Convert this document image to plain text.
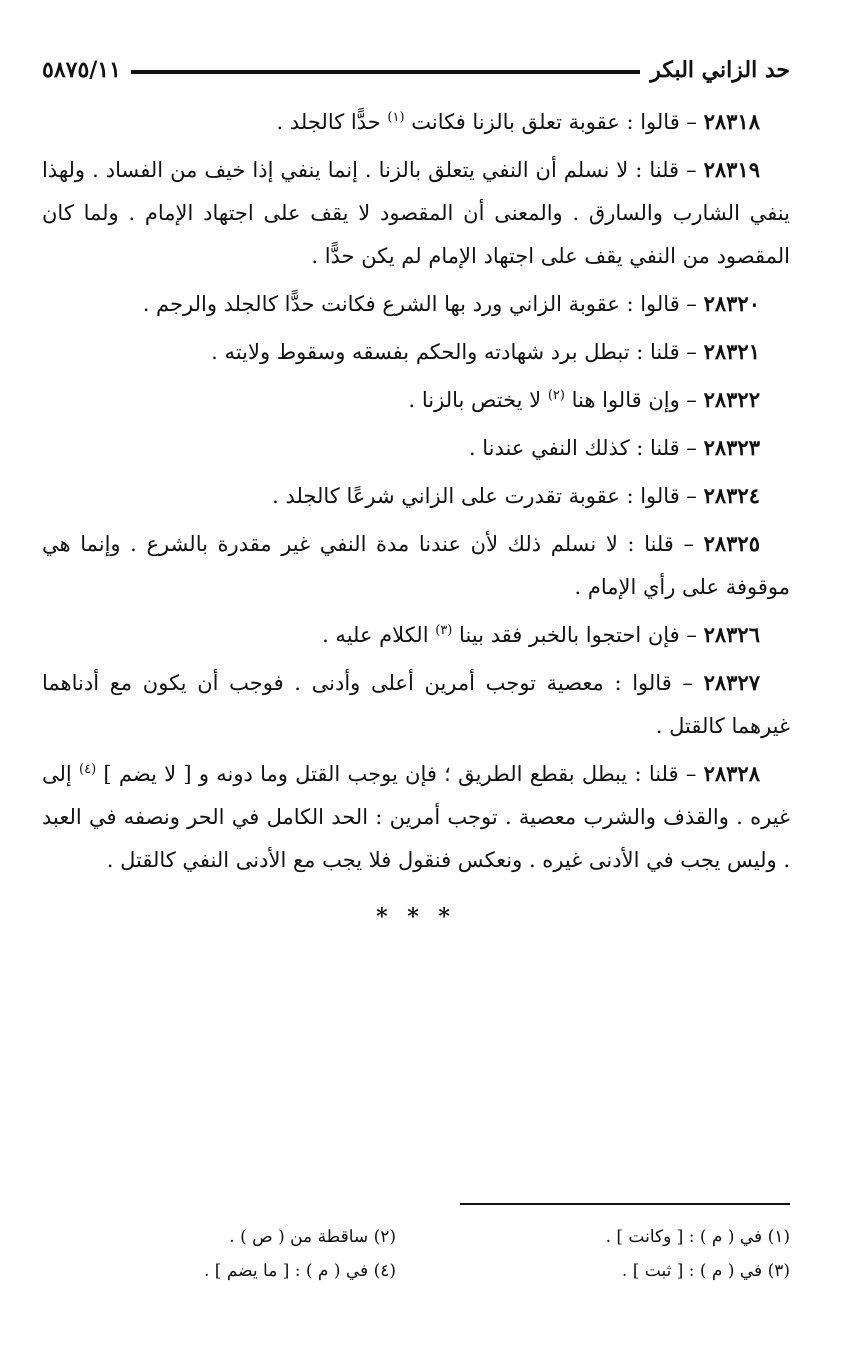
حد الزاني البكر
٥٨٧٥/١١

٢٨٣١٨ – قالوا : عقوبة تعلق بالزنا فكانت $^{(١)}$ حدًّا كالجلد .

٢٨٣١٩ – قلنا : لا نسلم أن النفي يتعلق بالزنا . إنما ينفي إذا خيف من الفساد . ولهذا ينفي الشارب والسارق . والمعنى أن المقصود لا يقف على اجتهاد الإمام . ولما كان المقصود من النفي يقف على اجتهاد الإمام لم يكن حدًّا .

٢٨٣٢٠ – قالوا : عقوبة الزاني ورد بها الشرع فكانت حدًّا كالجلد والرجم .

٢٨٣٢١ – قلنا : تبطل برد شهادته والحكم بفسقه وسقوط ولايته .

٢٨٣٢٢ – وإن قالوا هنا $^{(٢)}$ لا يختص بالزنا .

٢٨٣٢٣ – قلنا : كذلك النفي عندنا .

٢٨٣٢٤ – قالوا : عقوبة تقدرت على الزاني شرعًا كالجلد .

٢٨٣٢٥ – قلنا : لا نسلم ذلك لأن عندنا مدة النفي غير مقدرة بالشرع . وإنما هي موقوفة على رأي الإمام .

٢٨٣٢٦ – فإن احتجوا بالخبر فقد بينا $^{(٣)}$ الكلام عليه .

٢٨٣٢٧ – قالوا : معصية توجب أمرين أعلى وأدنى . فوجب أن يكون مع أدناهما غيرهما كالقتل .

٢٨٣٢٨ – قلنا : يبطل بقطع الطريق ؛ فإن يوجب القتل وما دونه و [ لا يضم ] $^{(٤)}$ إلى غيره . والقذف والشرب معصية . توجب أمرين : الحد الكامل في الحر ونصفه في العبد . وليس يجب في الأدنى غيره . ونعكس فنقول فلا يجب مع الأدنى النفي كالقتل .

* * *
(١) في ( م ) : [ وكانت ] .
(٢) ساقطة من ( ص ) .
(٣) في ( م ) : [ ثبت ] .
(٤) في ( م ) : [ ما يضم ] .
